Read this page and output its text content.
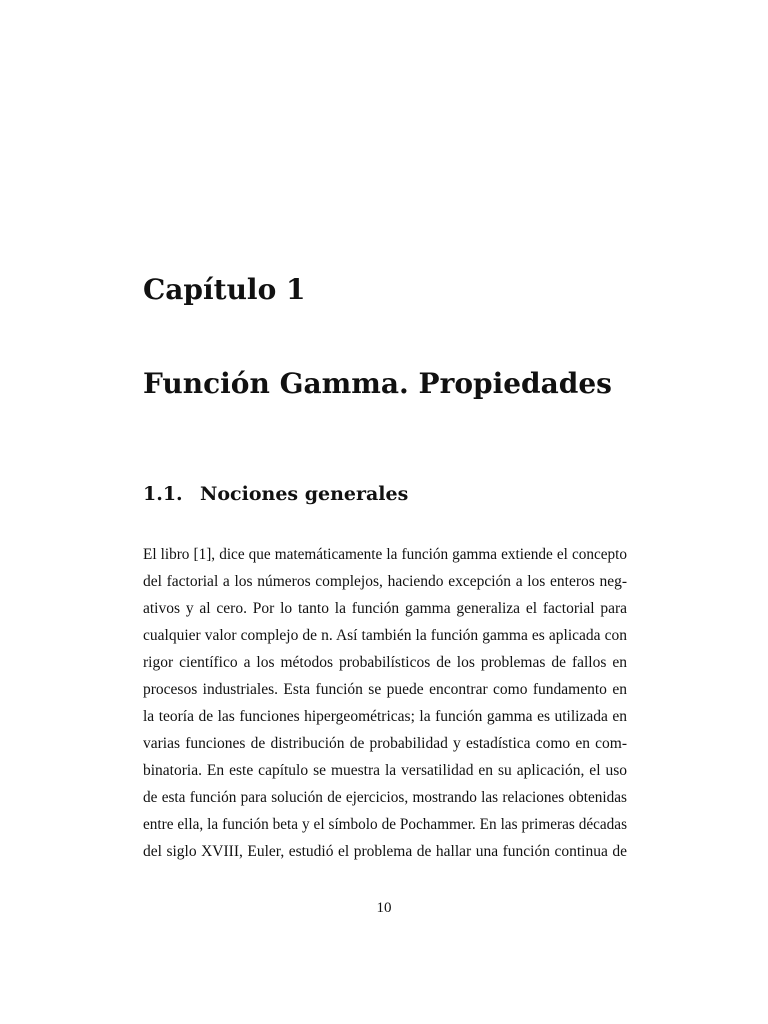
Capítulo 1
Función Gamma. Propiedades
1.1. Nociones generales
El libro [1], dice que matemáticamente la función gamma extiende el concepto
del factorial a los números complejos, haciendo excepción a los enteros neg-
ativos y al cero. Por lo tanto la función gamma generaliza el factorial para
cualquier valor complejo de n. Así también la función gamma es aplicada con
rigor científico a los métodos probabilísticos de los problemas de fallos en
procesos industriales. Esta función se puede encontrar como fundamento en
la teoría de las funciones hipergeométricas; la función gamma es utilizada en
varias funciones de distribución de probabilidad y estadística como en com-
binatoria. En este capítulo se muestra la versatilidad en su aplicación, el uso
de esta función para solución de ejercicios, mostrando las relaciones obtenidas
entre ella, la función beta y el símbolo de Pochammer. En las primeras décadas
del siglo XVIII, Euler, estudió el problema de hallar una función continua de
10
